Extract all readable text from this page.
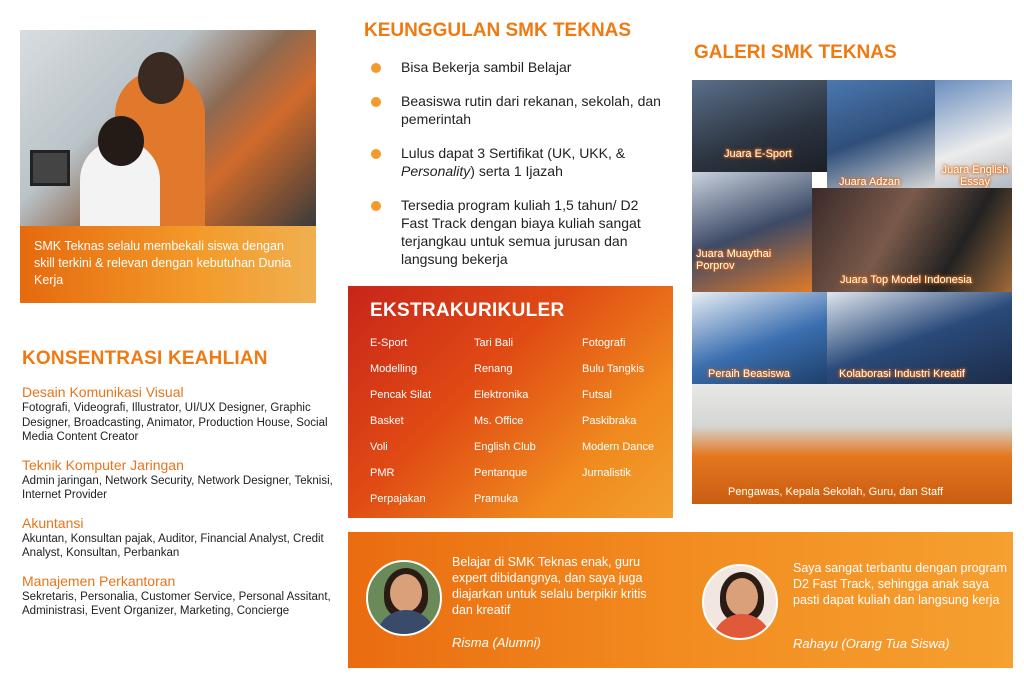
SMK Teknas selalu membekali siswa dengan skill terkini & relevan dengan kebutuhan Dunia Kerja

KONSENTRASI KEAHLIAN
Desain Komunikasi Visual

Fotografi, Videografi, Illustrator, UI/UX Designer, Graphic Designer, Broadcasting, Animator, Production House, Social Media Content Creator

Teknik Komputer Jaringan

Admin jaringan, Network Security, Network Designer, Teknisi, Internet Provider

Akuntansi

Akuntan, Konsultan pajak, Auditor, Financial Analyst, Credit Analyst, Konsultan, Perbankan

Manajemen Perkantoran

Sekretaris, Personalia, Customer Service, Personal Assitant, Administrasi, Event Organizer, Marketing, Concierge

KEUNGGULAN SMK TEKNAS
Bisa Bekerja sambil Belajar
Beasiswa rutin dari rekanan, sekolah, dan pemerintah
Lulus dapat 3 Sertifikat (UK, UKK, & Personality) serta 1 Ijazah
Tersedia program kuliah 1,5 tahun/ D2 Fast Track dengan biaya kuliah sangat terjangkau untuk semua jurusan dan langsung bekerja
EKSTRAKURIKULER
E-Sport	Tari Bali	Fotografi
Modelling	Renang	Bulu Tangkis
Pencak Silat	Elektronika	Futsal
Basket	Ms. Office	Paskibraka
Voli	English Club	Modern Dance
PMR	Pentanque	Jurnalistik
Perpajakan	Pramuka
GALERI SMK TEKNAS
Juara E-Sport
Juara Adzan
Juara English Essay
Juara Muaythai Porprov
Juara Top Model Indonesia
Peraih Beasiswa	Kolaborasi Industri Kreatif
Pengawas, Kepala Sekolah, Guru, dan Staff
Belajar di SMK Teknas enak, guru expert dibidangnya, dan saya juga diajarkan untuk selalu berpikir kritis dan kreatif
Risma (Alumni)
Saya sangat terbantu dengan program D2 Fast Track, sehingga anak saya pasti dapat kuliah dan langsung kerja
Rahayu (Orang Tua Siswa)
